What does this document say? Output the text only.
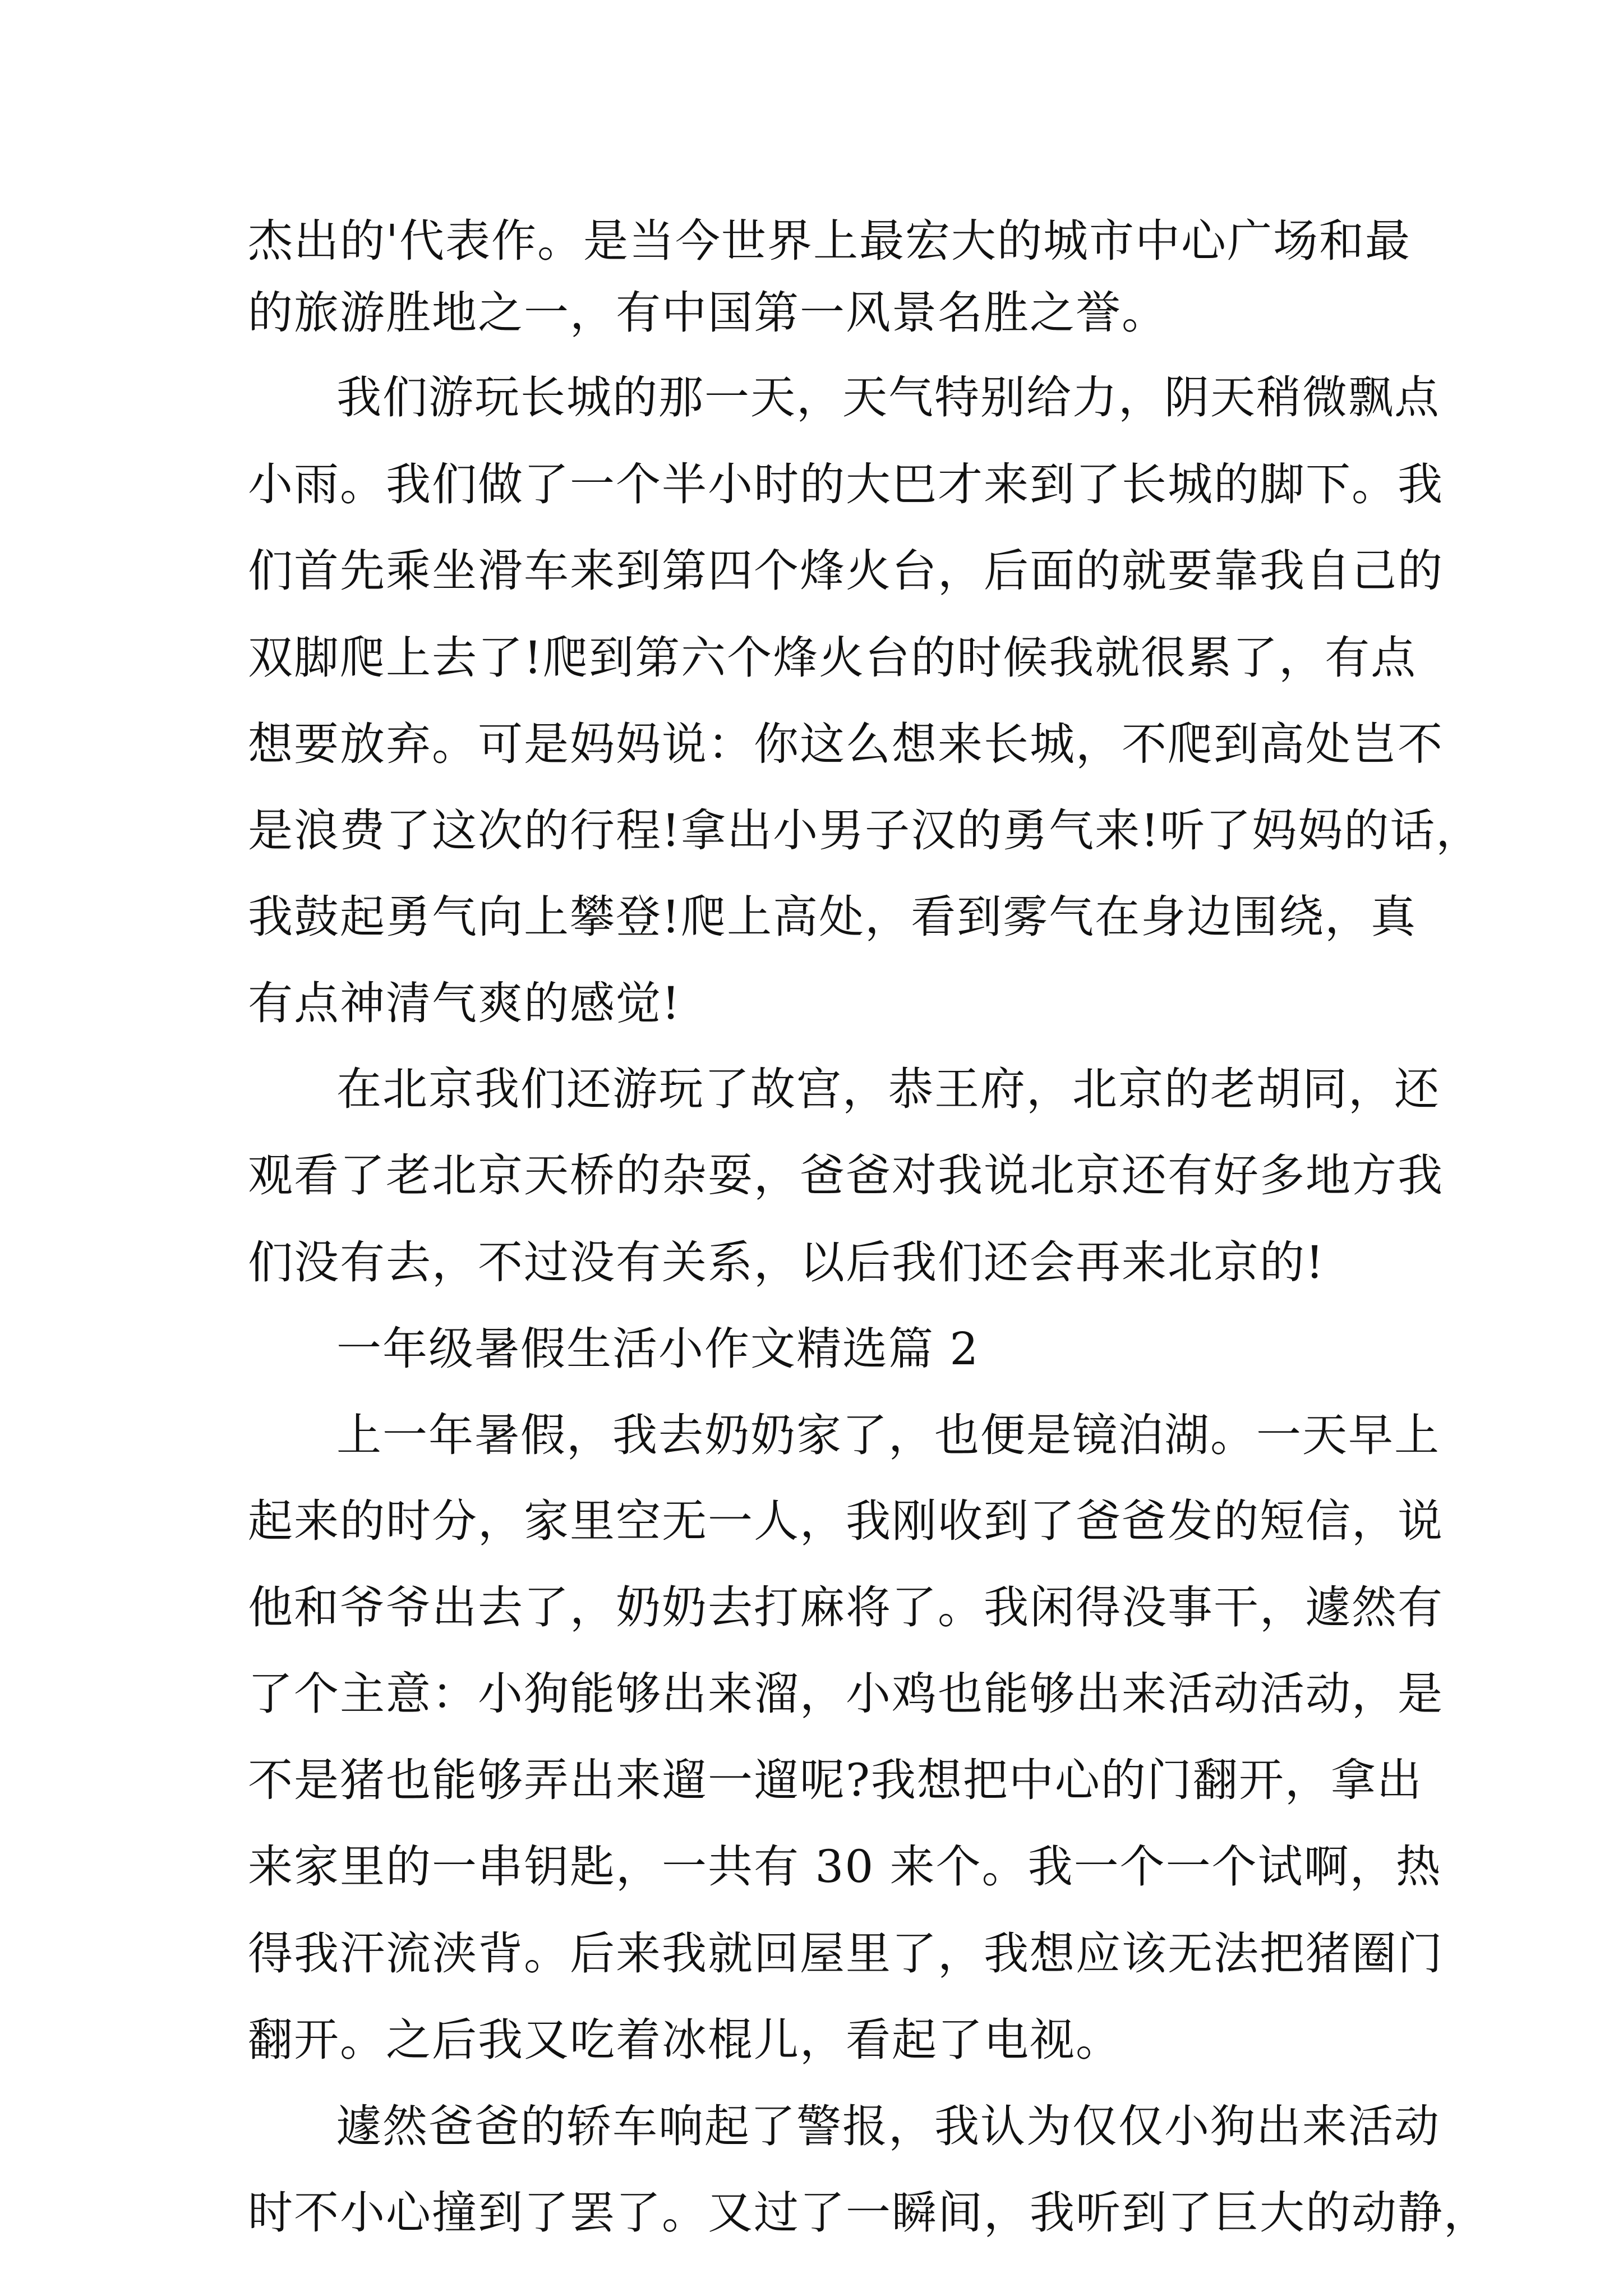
杰出的'代表作。是当今世界上最宏大的城市中心广场和最
的旅游胜地之一，有中国第一风景名胜之誉。
我们游玩长城的那一天，天气特别给力，阴天稍微飘点
小雨。我们做了一个半小时的大巴才来到了长城的脚下。我
们首先乘坐滑车来到第四个烽火台，后面的就要靠我自己的
双脚爬上去了!爬到第六个烽火台的时候我就很累了，有点
想要放弃。可是妈妈说：你这么想来长城，不爬到高处岂不
是浪费了这次的行程!拿出小男子汉的勇气来!听了妈妈的话，
我鼓起勇气向上攀登!爬上高处，看到雾气在身边围绕，真
有点神清气爽的感觉!
在北京我们还游玩了故宫，恭王府，北京的老胡同，还
观看了老北京天桥的杂耍，爸爸对我说北京还有好多地方我
们没有去，不过没有关系，以后我们还会再来北京的!
一年级暑假生活小作文精选篇 2
上一年暑假，我去奶奶家了，也便是镜泊湖。一天早上
起来的时分，家里空无一人，我刚收到了爸爸发的短信，说
他和爷爷出去了，奶奶去打麻将了。我闲得没事干，遽然有
了个主意：小狗能够出来溜，小鸡也能够出来活动活动，是
不是猪也能够弄出来遛一遛呢?我想把中心的门翻开，拿出
来家里的一串钥匙，一共有 30 来个。我一个一个试啊，热
得我汗流浃背。后来我就回屋里了，我想应该无法把猪圈门
翻开。之后我又吃着冰棍儿，看起了电视。
遽然爸爸的轿车响起了警报，我认为仅仅小狗出来活动
时不小心撞到了罢了。又过了一瞬间，我听到了巨大的动静，
